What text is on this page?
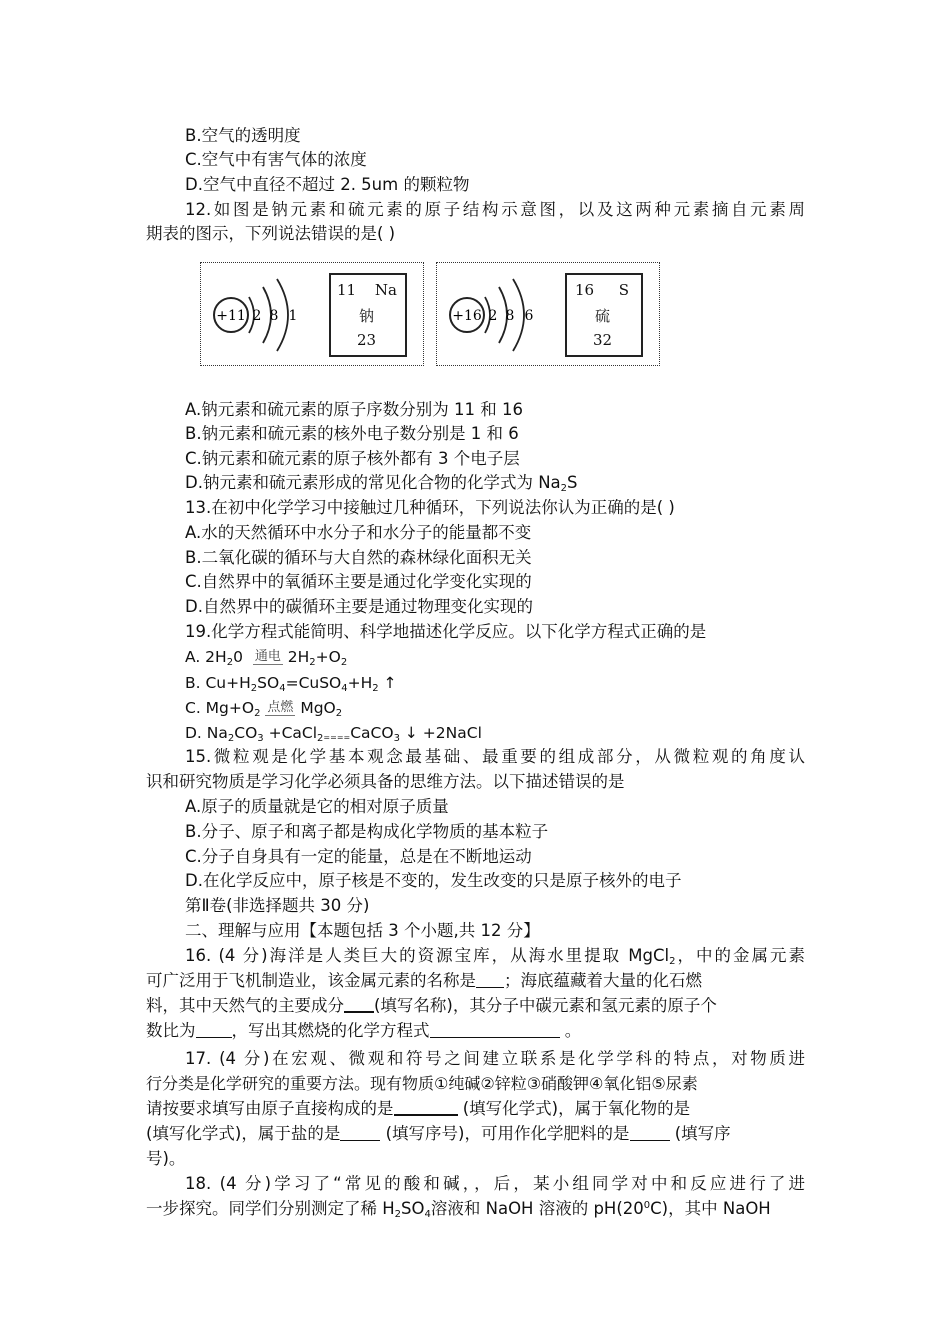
B.空气的透明度
C.空气中有害气体的浓度
D.空气中直径不超过 2. 5um 的颗粒物
12.如图是钠元素和硫元素的原子结构示意图，以及这两种元素摘自元素周
期表的图示，下列说法错误的是( )
+11 2 8 1
11 Na
钠
23
+16 2 8 6
16 S
硫
32
A.钠元素和硫元素的原子序数分别为 11 和 16
B.钠元素和硫元素的核外电子数分别是 1 和 6
C.钠元素和硫元素的原子核外都有 3 个电子层
D.钠元素和硫元素形成的常见化合物的化学式为 $Na_2S$
13.在初中化学学习中接触过几种循环，下列说法你认为正确的是( )
A.水的天然循环中水分子和水分子的能量都不变
B.二氧化碳的循环与大自然的森林绿化面积无关
C.自然界中的氧循环主要是通过化学变化实现的
D.自然界中的碳循环主要是通过物理变化实现的
19.化学方程式能简明、科学地描述化学反应。以下化学方程式正确的是
A. 2H20 通电 $2H_2+O_2$
B. $Cu+H_2SO_4=CuSO_4+H_2$ ↑
C. $Mg+O_2$ 点燃 MgO$_2$
D. $Na_2CO_3$ +CaCl$_2$====CaCO$_3$ ↓ +2NaCl
15.微粒观是化学基本观念最基础、最重要的组成部分，从微粒观的角度认
识和研究物质是学习化学必须具备的思维方法。以下描述错误的是
A.原子的质量就是它的相对原子质量
B.分子、原子和离子都是构成化学物质的基本粒子
C.分子自身具有一定的能量，总是在不断地运动
D.在化学反应中，原子核是不变的，发生改变的只是原子核外的电子
第Ⅱ卷(非选择题共 30 分)
二、理解与应用【本题包括 3 个小题,共 12 分】
16. (4 分)海洋是人类巨大的资源宝库，从海水里提取 MgCl$_2$，中的金属元素
可广泛用于飞机制造业，该金属元素的名称是 ；海底蕴藏着大量的化石燃
料，其中天然气的主要成分 (填写名称)，其分子中碳元素和氢元素的原子个
数比为 ，写出其燃烧的化学方程式	。
17. (4 分)在宏观、微观和符号之间建立联系是化学学科的特点，对物质进
行分类是化学研究的重要方法。现有物质①纯碱②锌粒③硝酸钾④氧化铝⑤尿素
请按要求填写由原子直接构成的是	(填写化学式)，属于氧化物的是
(填写化学式)，属于盐的是 (填写序号)，可用作化学肥料的是 (填写序
号)。
18. (4 分)学习了“常见的酸和碱，，后，某小组同学对中和反应进行了进
一步探究。同学们分别测定了稀 $H_2SO_4$溶液和 NaOH 溶液的 $pH(20^0C)$，其中 NaOH
